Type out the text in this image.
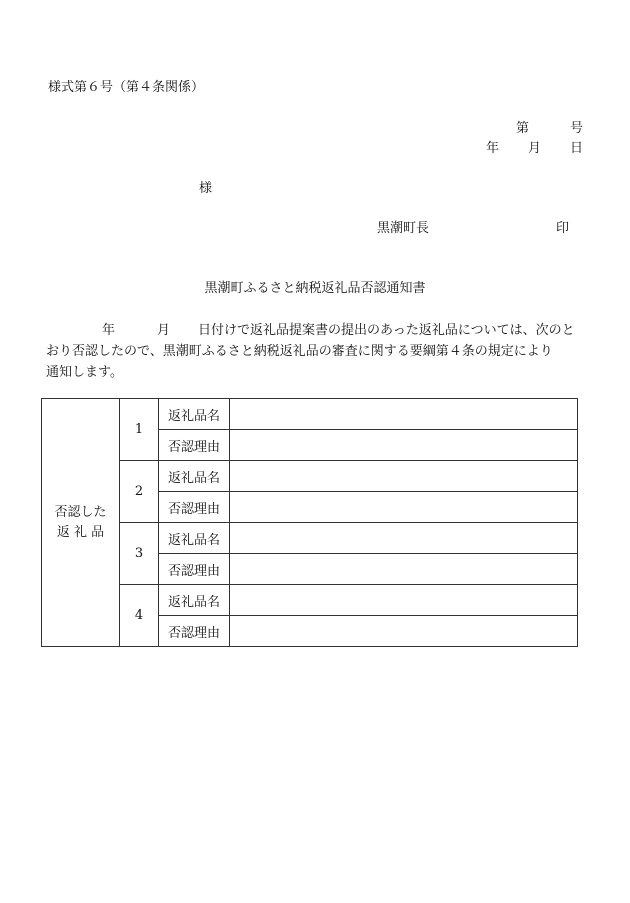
様式第６号（第４条関係）
第	号
年 月 日
様
黒潮町長	印
黒潮町ふるさと納税返礼品否認通知書
年	月 日付けで返礼品提案書の提出のあった返礼品については、次のと
おり否認したので、黒潮町ふるさと納税返礼品の審査に関する要綱第４条の規定により
通知します。
否認した
返 礼 品	1	返礼品名	
		否認理由	
	2	返礼品名	
		否認理由	
	3	返礼品名	
		否認理由	
	4	返礼品名	
		否認理由	
